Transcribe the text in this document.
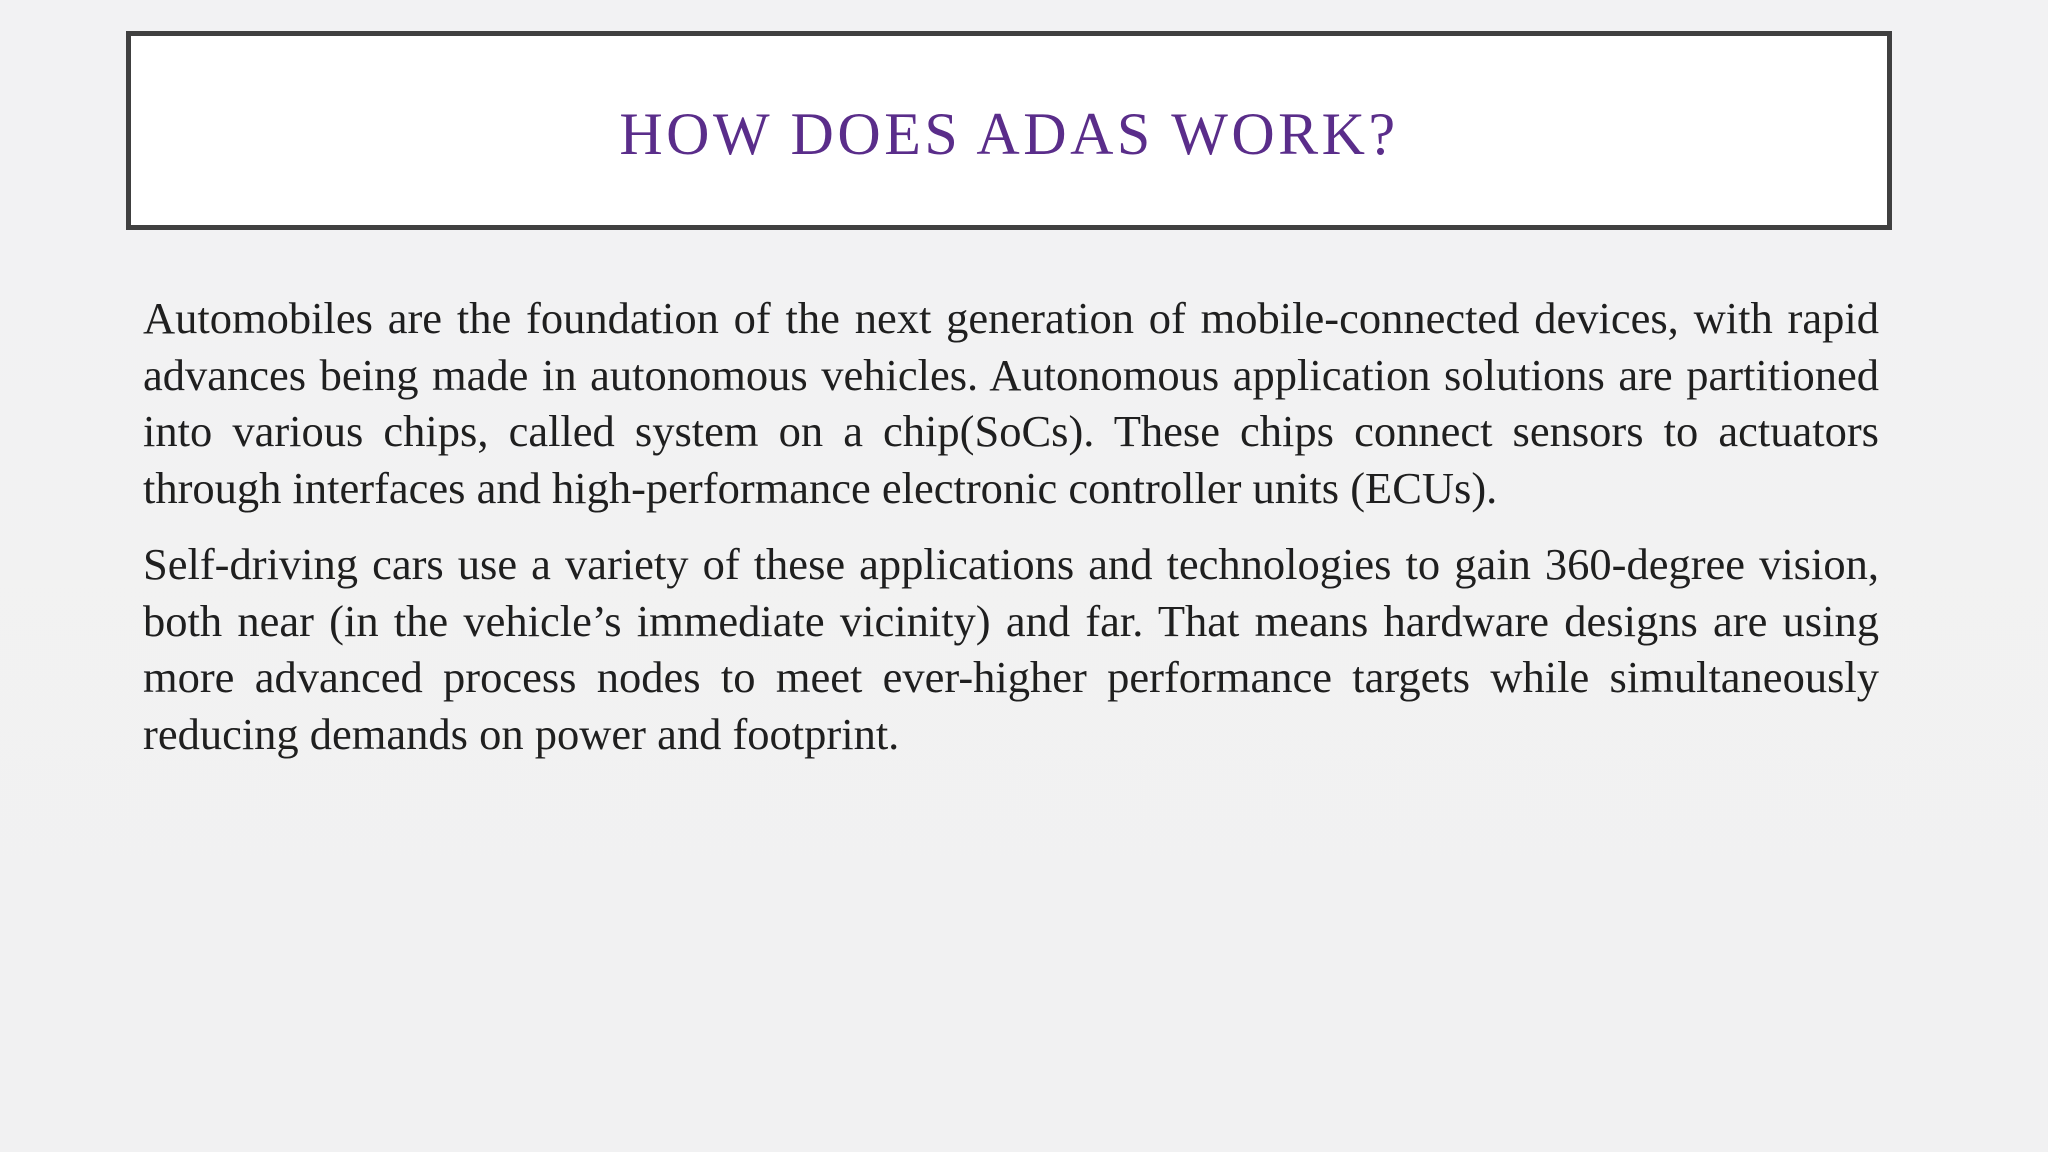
HOW DOES ADAS WORK?

Automobiles are the foundation of the next generation of mobile-connected devices, with rapid advances being made in autonomous vehicles. Autonomous application solutions are partitioned into various chips, called system on a chip(SoCs). These chips connect sensors to actuators through interfaces and high-performance electronic controller units (ECUs).

Self-driving cars use a variety of these applications and technologies to gain 360-degree vision, both near (in the vehicle’s immediate vicinity) and far. That means hardware designs are using more advanced process nodes to meet ever-higher performance targets while simultaneously reducing demands on power and footprint.
